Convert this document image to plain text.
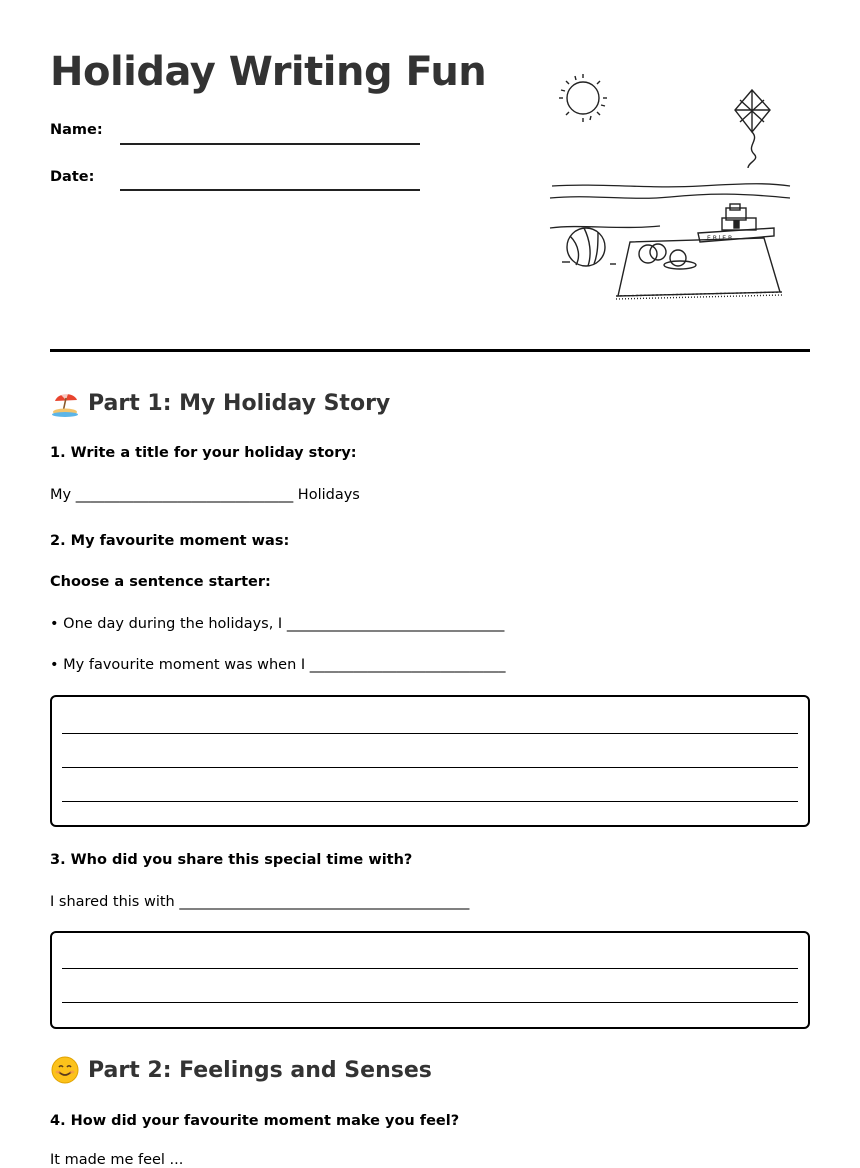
Holiday Writing Fun
Name:
Date:
E B l E B
Part 1: My Holiday Story
1. Write a title for your holiday story:
My ______________________________ Holidays
2. My favourite moment was:
Choose a sentence starter:
• One day during the holidays, I ______________________________
• My favourite moment was when I ___________________________
3. Who did you share this special time with?
I shared this with ________________________________________
Part 2: Feelings and Senses
4. How did your favourite moment make you feel?
It made me feel ...
